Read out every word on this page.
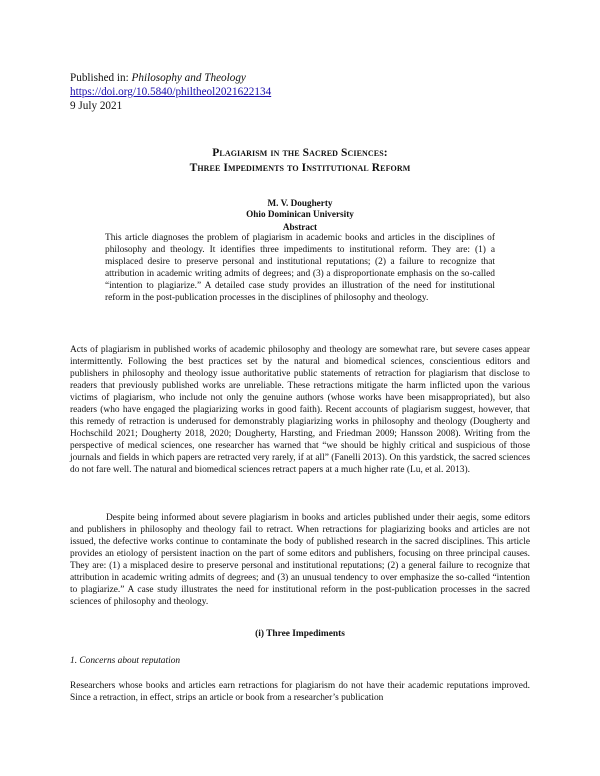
Published in: Philosophy and Theology
https://doi.org/10.5840/philtheol2021622134
9 July 2021
Plagiarism in the Sacred Sciences:
Three Impediments to Institutional Reform
M. V. Dougherty
Ohio Dominican University
Abstract

This article diagnoses the problem of plagiarism in academic books and articles in the disciplines of philosophy and theology. It identifies three impediments to institutional reform. They are: (1) a misplaced desire to preserve personal and institutional reputations; (2) a failure to recognize that attribution in academic writing admits of degrees; and (3) a disproportionate emphasis on the so-called “intention to plagiarize.” A detailed case study provides an illustration of the need for institutional reform in the post-publication processes in the disciplines of philosophy and theology.

Acts of plagiarism in published works of academic philosophy and theology are somewhat rare, but severe cases appear intermittently. Following the best practices set by the natural and biomedical sciences, conscientious editors and publishers in philosophy and theology issue authoritative public statements of retraction for plagiarism that disclose to readers that previously published works are unreliable. These retractions mitigate the harm inflicted upon the various victims of plagiarism, who include not only the genuine authors (whose works have been misappropriated), but also readers (who have engaged the plagiarizing works in good faith). Recent accounts of plagiarism suggest, however, that this remedy of retraction is underused for demonstrably plagiarizing works in philosophy and theology (Dougherty and Hochschild 2021; Dougherty 2018, 2020; Dougherty, Harsting, and Friedman 2009; Hansson 2008). Writing from the perspective of medical sciences, one researcher has warned that “we should be highly critical and suspicious of those journals and fields in which papers are retracted very rarely, if at all” (Fanelli 2013). On this yardstick, the sacred sciences do not fare well. The natural and biomedical sciences retract papers at a much higher rate (Lu, et al. 2013).

Despite being informed about severe plagiarism in books and articles published under their aegis, some editors and publishers in philosophy and theology fail to retract. When retractions for plagiarizing books and articles are not issued, the defective works continue to contaminate the body of published research in the sacred disciplines. This article provides an etiology of persistent inaction on the part of some editors and publishers, focusing on three principal causes. They are: (1) a misplaced desire to preserve personal and institutional reputations; (2) a general failure to recognize that attribution in academic writing admits of degrees; and (3) an unusual tendency to over emphasize the so-called “intention to plagiarize.” A case study illustrates the need for institutional reform in the post-publication processes in the sacred sciences of philosophy and theology.

(i) Three Impediments
1. Concerns about reputation

Researchers whose books and articles earn retractions for plagiarism do not have their academic reputations improved. Since a retraction, in effect, strips an article or book from a researcher’s publication
